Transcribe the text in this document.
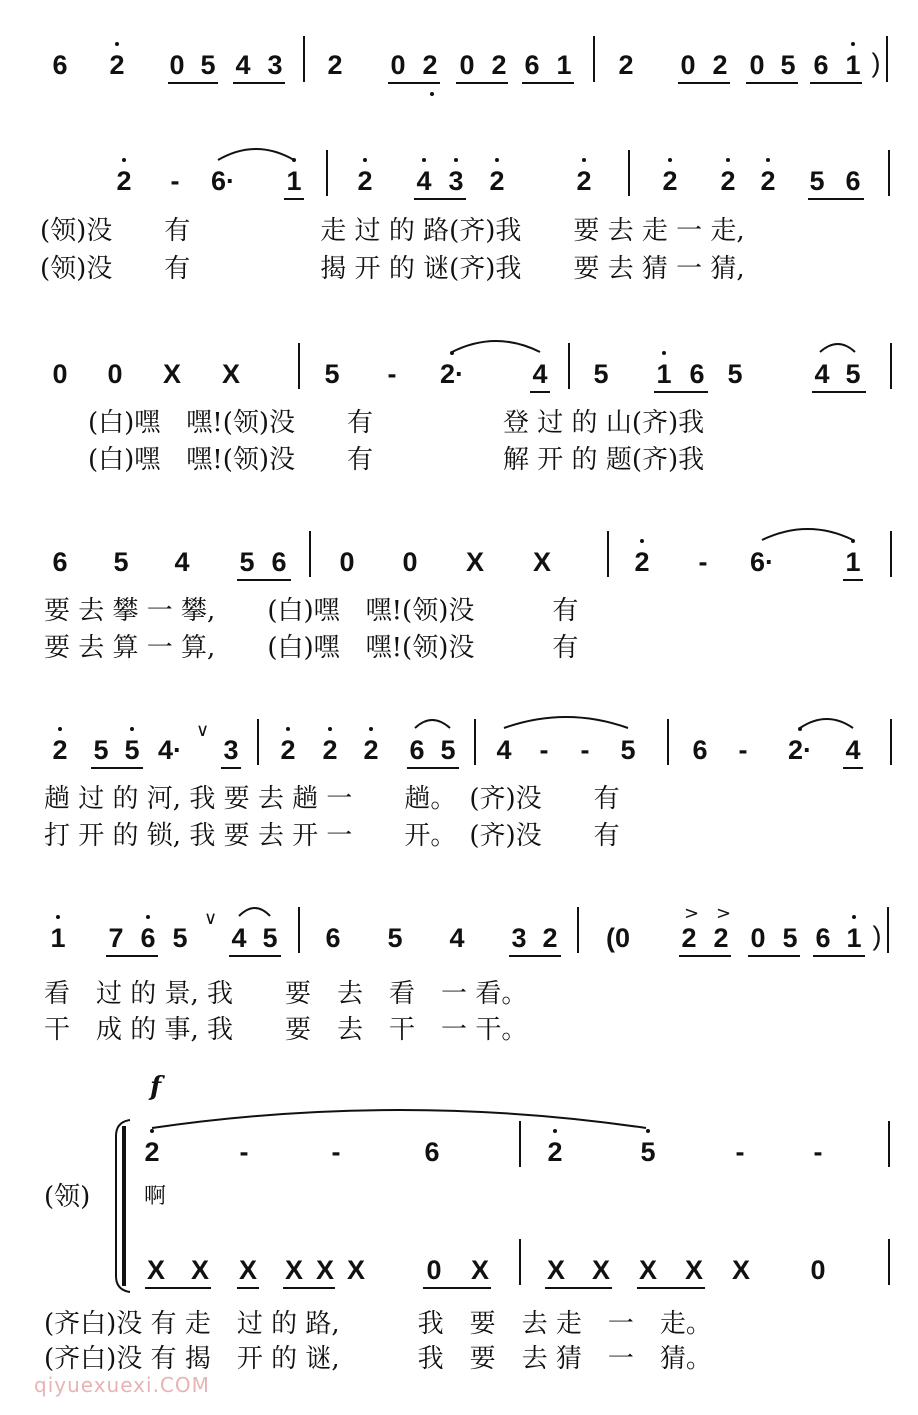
6 2 0 5 4 3 2 0 2 0 2 6 1 2 0 2 0 5 6 1 )
2 - 6· 1 2 4 3 2	2	2 2 2 5 6
(领)没　　有　　　　　走 过 的 路(齐)我　　要 去 走 一 走,
(领)没　　有　　　　　揭 开 的 谜(齐)我　　要 去 猜 一 猜,
0 0 X X	5 - 2·	4 5 1 6 5	4 5
(白)嘿　嘿!(领)没　　有　　　　　登 过 的 山(齐)我
(白)嘿　嘿!(领)没　　有　　　　　解 开 的 题(齐)我
6 5 4 5 6 0 0 X X	2 - 6·	1
要 去 攀 一 攀,　　(白)嘿　嘿!(领)没　　　有
要 去 算 一 算,　　(白)嘿　嘿!(领)没　　　有
2 5 5 4·
∨
3 2 2 2 6 5 4 - - 5 6 - 2· 4
趟 过 的 河, 我 要 去 趟 一　　趟。　(齐)没　　有
打 开 的 锁, 我 要 去 开 一　　开。　(齐)没　　有
1 7 6 5
∨
4 5 6 5 4 3 2 (0
> >
2 2 0 5 6 1 )
看　过 的 景, 我　　要　去　看　一 看。
干　成 的 事, 我　　要　去　干　一 干。
f
(领)
2	-	-	6	2	5	-	-
啊
X X X X X X 0 X X X X X X 0
(齐白)没 有 走　过 的 路,　　　我　要　去 走　一　走。
(齐白)没 有 揭　开 的 谜,　　　我　要　去 猜　一　猜。
qiyuexuexi.COM
